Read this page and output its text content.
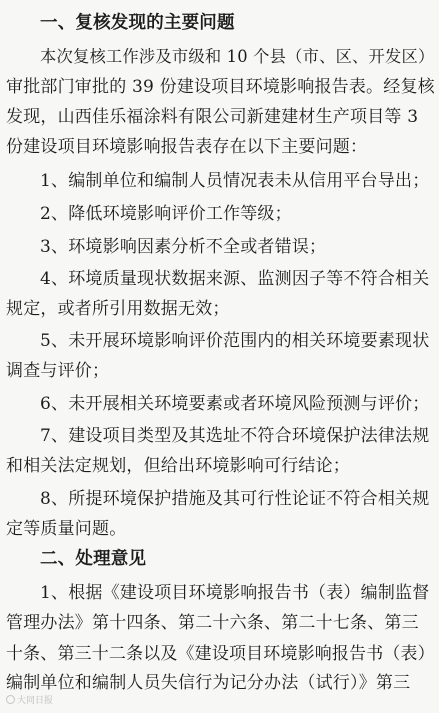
一、复核发现的主要问题
本次复核工作涉及市级和 10 个县（市、区、开发区）
审批部门审批的 39 份建设项目环境影响报告表。经复核
发现，山西佳乐福涂料有限公司新建建材生产项目等 3
份建设项目环境影响报告表存在以下主要问题：
1、编制单位和编制人员情况表未从信用平台导出；
2、降低环境影响评价工作等级；
3、环境影响因素分析不全或者错误；
4、环境质量现状数据来源、监测因子等不符合相关
规定，或者所引用数据无效；
5、未开展环境影响评价范围内的相关环境要素现状
调查与评价；
6、未开展相关环境要素或者环境风险预测与评价；
7、建设项目类型及其选址不符合环境保护法律法规
和相关法定规划，但给出环境影响可行结论；
8、所提环境保护措施及其可行性论证不符合相关规
定等质量问题。
二、处理意见
1、根据《建设项目环境影响报告书（表）编制监督
管理办法》第十四条、第二十六条、第二十七条、第三
十条、第三十二条以及《建设项目环境影响报告书（表）
编制单位和编制人员失信行为记分办法（试行）》第三
大同日报
